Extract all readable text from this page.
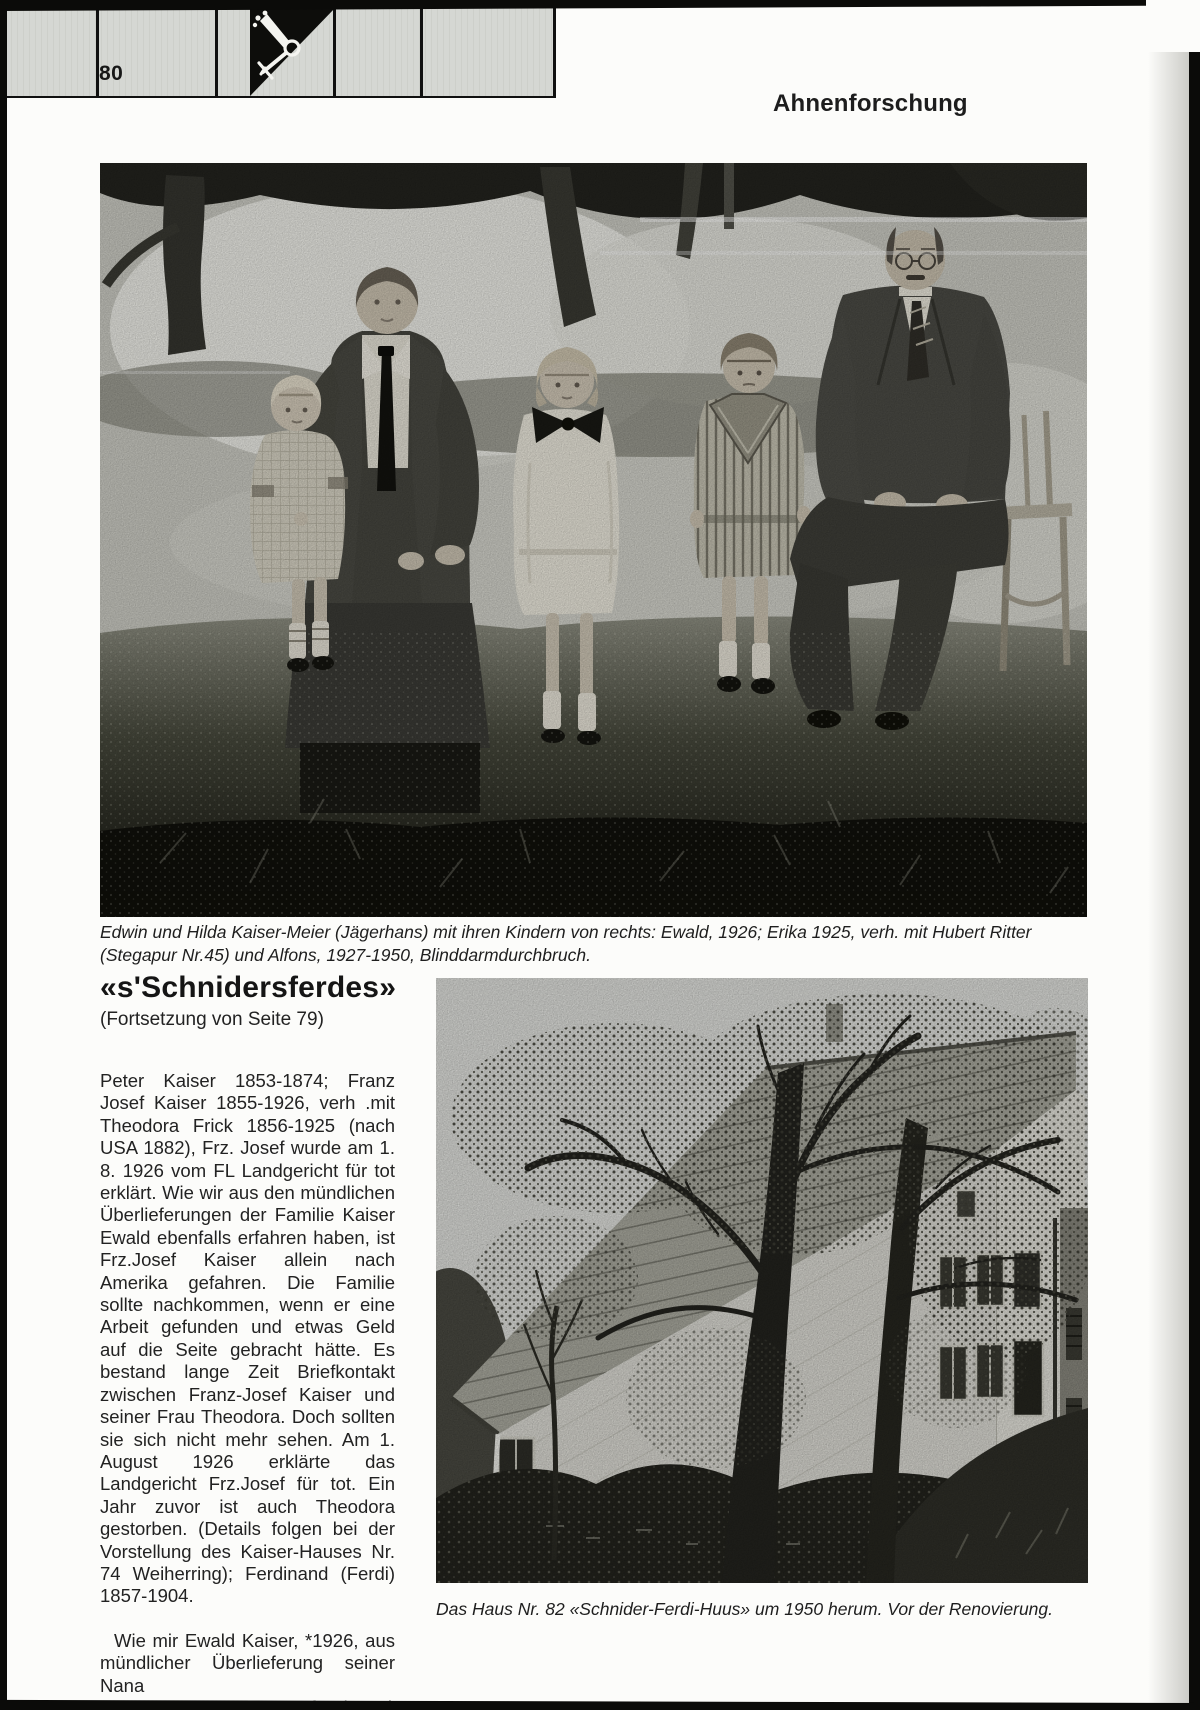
80
Ahnenforschung
Edwin und Hilda Kaiser-Meier (Jägerhans) mit ihren Kindern von rechts: Ewald, 1926; Erika 1925, verh. mit Hubert Ritter (Stegapur Nr.45) und Alfons, 1927-1950, Blinddarmdurchbruch.
«s'Schnidersferdes»
(Fortsetzung von Seite 79)

Peter Kaiser 1853-1874; Franz Josef Kaiser 1855-1926, verh .mit Theodora Frick 1856-1925 (nach USA 1882), Frz. Josef wurde am 1. 8. 1926 vom FL Landgericht für tot erklärt. Wie wir aus den mündlichen Überlieferungen der Familie Kaiser Ewald ebenfalls erfahren haben, ist Frz.Josef Kaiser allein nach Amerika gefahren. Die Familie sollte nachkommen, wenn er eine Arbeit gefunden und etwas Geld auf die Seite gebracht hätte. Es bestand lange Zeit Briefkontakt zwischen Franz-Josef Kaiser und seiner Frau Theodora. Doch sollten sie sich nicht mehr sehen. Am 1. August 1926 erklärte das Landgericht Frz.Josef für tot. Ein Jahr zuvor ist auch Theodora gestorben. (Details folgen bei der Vorstellung des Kaiser-Hauses Nr. 74 Weiherring); Ferdinand (Ferdi) 1857-1904.

Wie mir Ewald Kaiser, *1926, aus mündlicher Überlieferung seiner Nana

Das Haus Nr. 82 «Schnider-Ferdi-Huus» um 1950 herum. Vor der Renovierung.
